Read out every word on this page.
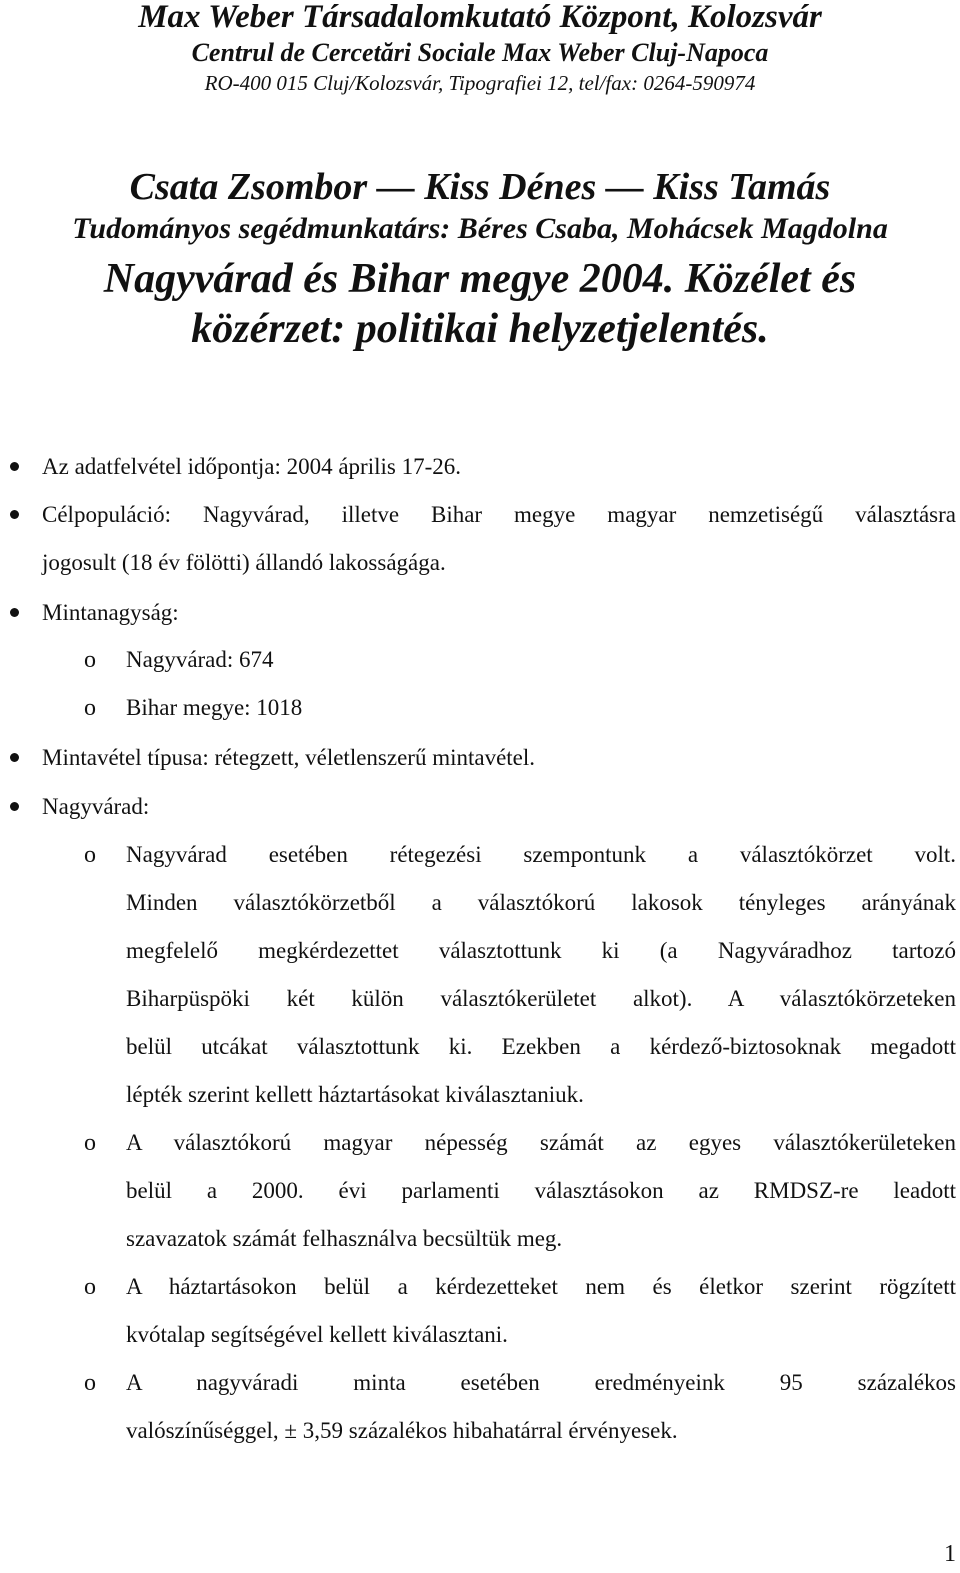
Max Weber Társadalomkutató Központ, Kolozsvár
Centrul de Cercetări Sociale Max Weber Cluj-Napoca
RO-400 015 Cluj/Kolozsvár, Tipografiei 12, tel/fax: 0264-590974
Csata Zsombor — Kiss Dénes — Kiss Tamás
Tudományos segédmunkatárs: Béres Csaba, Mohácsek Magdolna
Nagyvárad és Bihar megye 2004. Közélet és
közérzet: politikai helyzetjelentés.
Az adatfelvétel időpontja: 2004 április 17-26.
Célpopuláció: Nagyvárad, illetve Bihar megye magyar nemzetiségű választásra
jogosult (18 év fölötti) állandó lakosságága.
Mintanagyság:
o Nagyvárad: 674
o Bihar megye: 1018
Mintavétel típusa: rétegzett, véletlenszerű mintavétel.
Nagyvárad:
o Nagyvárad esetében rétegezési szempontunk a választókörzet volt.
Minden választókörzetből a választókorú lakosok tényleges arányának
megfelelő megkérdezettet választottunk ki (a Nagyváradhoz tartozó
Biharpüspöki két külön választókerületet alkot). A választókörzeteken
belül utcákat választottunk ki. Ezekben a kérdező-biztosoknak megadott
lépték szerint kellett háztartásokat kiválasztaniuk.
o A választókorú magyar népesség számát az egyes választókerületeken
belül a 2000. évi parlamenti választásokon az RMDSZ-re leadott
szavazatok számát felhasználva becsültük meg.
o A háztartásokon belül a kérdezetteket nem és életkor szerint rögzített
kvótalap segítségével kellett kiválasztani.
o A nagyváradi minta esetében eredményeink 95 százalékos
valószínűséggel, ± 3,59 százalékos hibahatárral érvényesek.
1
